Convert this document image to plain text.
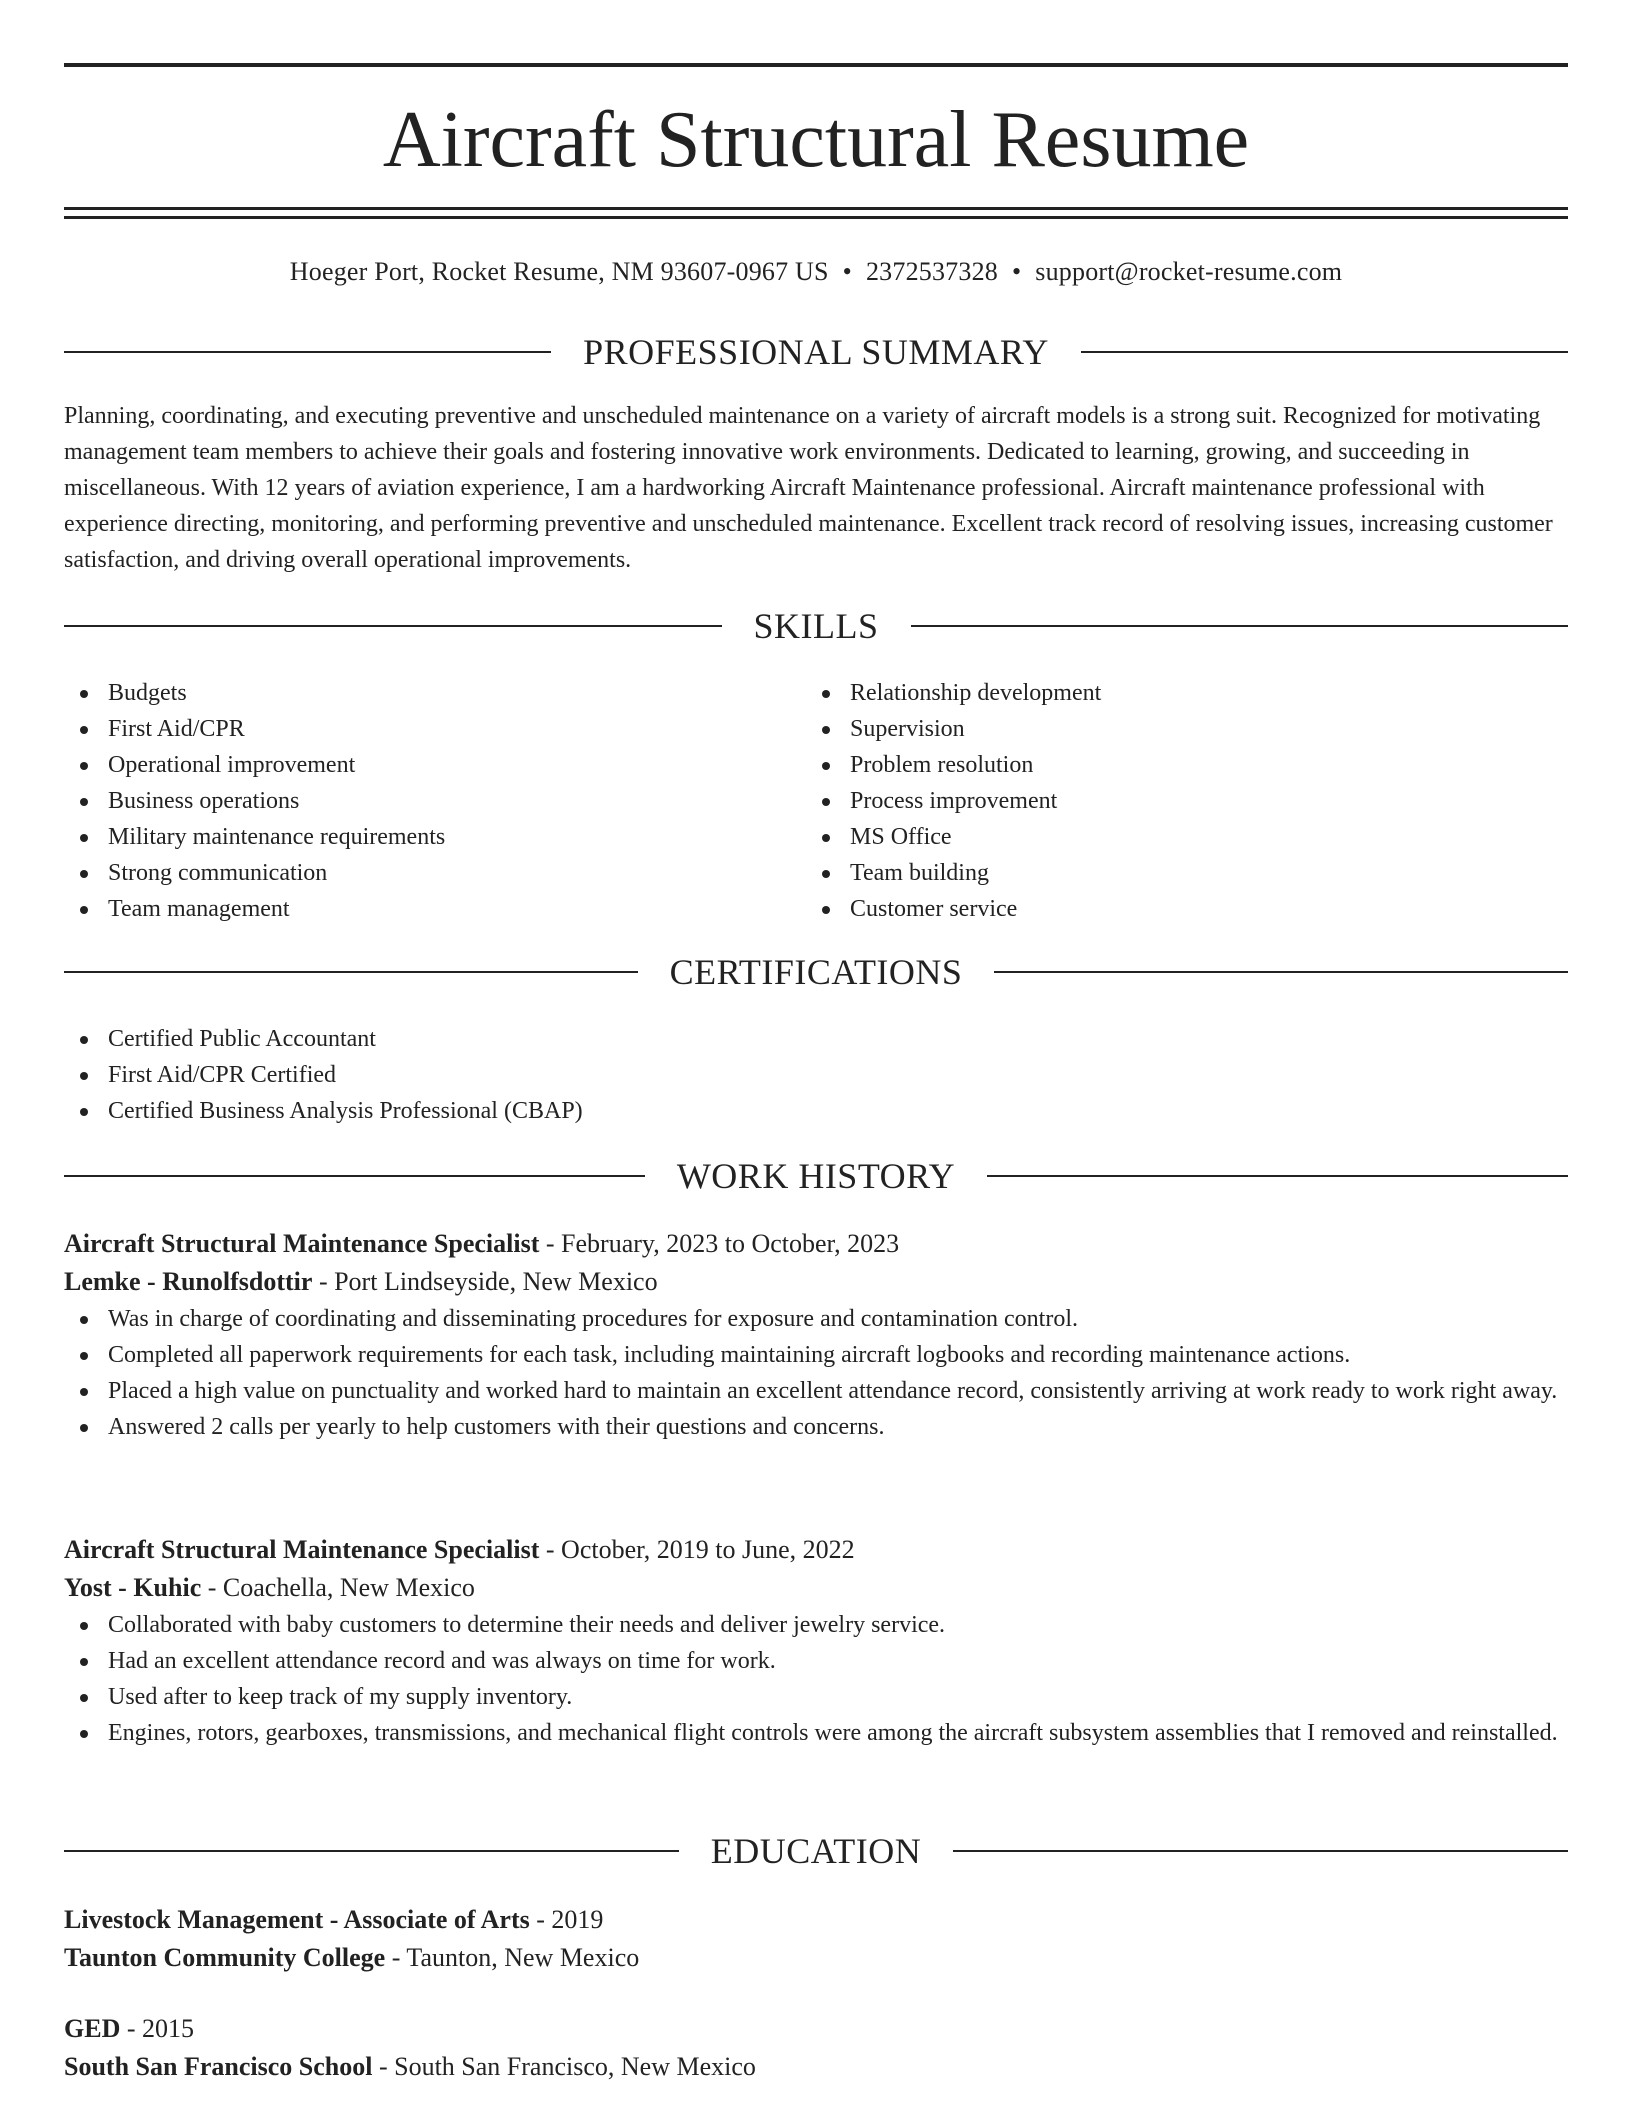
Aircraft Structural Resume
Hoeger Port, Rocket Resume, NM 93607-0967 US • 2372537328 • support@rocket-resume.com
PROFESSIONAL SUMMARY

Planning, coordinating, and executing preventive and unscheduled maintenance on a variety of aircraft models is a strong suit. Recognized for motivating management team members to achieve their goals and fostering innovative work environments. Dedicated to learning, growing, and succeeding in miscellaneous. With 12 years of aviation experience, I am a hardworking Aircraft Maintenance professional. Aircraft maintenance professional with experience directing, monitoring, and performing preventive and unscheduled maintenance. Excellent track record of resolving issues, increasing customer satisfaction, and driving overall operational improvements.

SKILLS
Budgets
First Aid/CPR
Operational improvement
Business operations
Military maintenance requirements
Strong communication
Team management
Relationship development
Supervision
Problem resolution
Process improvement
MS Office
Team building
Customer service
CERTIFICATIONS
Certified Public Accountant
First Aid/CPR Certified
Certified Business Analysis Professional (CBAP)
WORK HISTORY
Aircraft Structural Maintenance Specialist - February, 2023 to October, 2023
Lemke - Runolfsdottir - Port Lindseyside, New Mexico
Was in charge of coordinating and disseminating procedures for exposure and contamination control.
Completed all paperwork requirements for each task, including maintaining aircraft logbooks and recording maintenance actions.
Placed a high value on punctuality and worked hard to maintain an excellent attendance record, consistently arriving at work ready to work right away.
Answered 2 calls per yearly to help customers with their questions and concerns.
Aircraft Structural Maintenance Specialist - October, 2019 to June, 2022
Yost - Kuhic - Coachella, New Mexico
Collaborated with baby customers to determine their needs and deliver jewelry service.
Had an excellent attendance record and was always on time for work.
Used after to keep track of my supply inventory.
Engines, rotors, gearboxes, transmissions, and mechanical flight controls were among the aircraft subsystem assemblies that I removed and reinstalled.
EDUCATION
Livestock Management - Associate of Arts - 2019
Taunton Community College - Taunton, New Mexico
GED - 2015
South San Francisco School - South San Francisco, New Mexico
